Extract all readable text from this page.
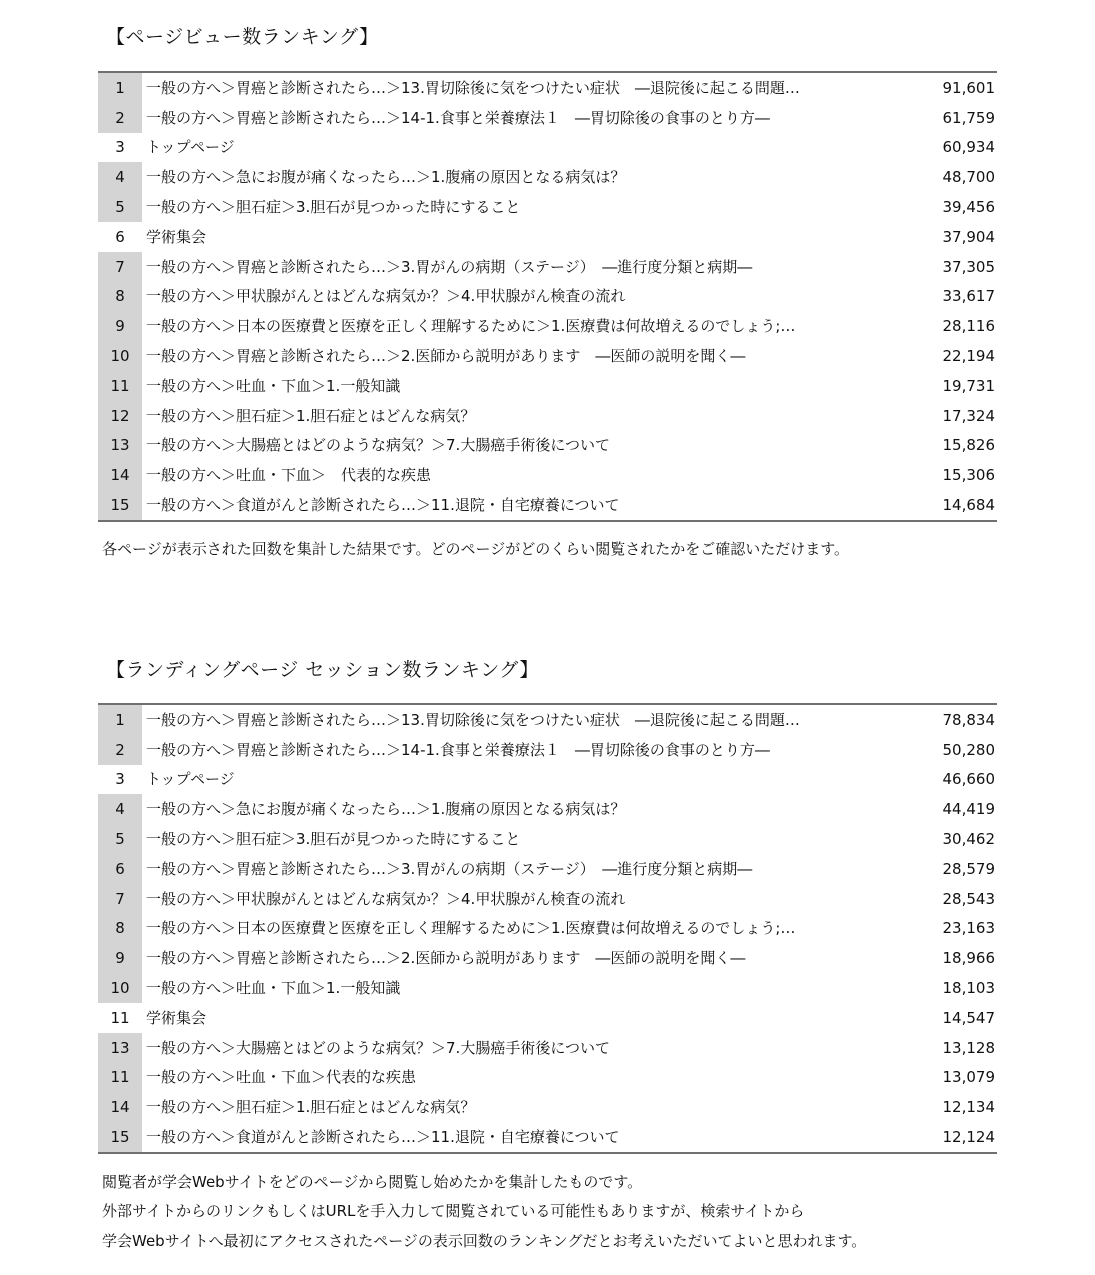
【ページビュー数ランキング】
1	一般の方へ＞胃癌と診断されたら…＞13.胃切除後に気をつけたい症状　―退院後に起こる問題…	91,601
2	一般の方へ＞胃癌と診断されたら…＞14-1.食事と栄養療法１　―胃切除後の食事のとり方―	61,759
3	トップページ	60,934
4	一般の方へ＞急にお腹が痛くなったら…＞1.腹痛の原因となる病気は？	48,700
5	一般の方へ＞胆石症＞3.胆石が見つかった時にすること	39,456
6	学術集会	37,904
7	一般の方へ＞胃癌と診断されたら…＞3.胃がんの病期（ステージ）　―進行度分類と病期―	37,305
8	一般の方へ＞甲状腺がんとはどんな病気か？＞4.甲状腺がん検査の流れ	33,617
9	一般の方へ＞日本の医療費と医療を正しく理解するために＞1.医療費は何故増えるのでしょう;…	28,116
10	一般の方へ＞胃癌と診断されたら…＞2.医師から説明があります　―医師の説明を聞く―	22,194
11	一般の方へ＞吐血・下血＞1.一般知識	19,731
12	一般の方へ＞胆石症＞1.胆石症とはどんな病気？	17,324
13	一般の方へ＞大腸癌とはどのような病気？＞7.大腸癌手術後について	15,826
14	一般の方へ＞吐血・下血＞　代表的な疾患	15,306
15	一般の方へ＞食道がんと診断されたら…＞11.退院・自宅療養について	14,684
各ページが表示された回数を集計した結果です。どのページがどのくらい閲覧されたかをご確認いただけます。
【ランディングページ セッション数ランキング】
1	一般の方へ＞胃癌と診断されたら…＞13.胃切除後に気をつけたい症状　―退院後に起こる問題…	78,834
2	一般の方へ＞胃癌と診断されたら…＞14-1.食事と栄養療法１　―胃切除後の食事のとり方―	50,280
3	トップページ	46,660
4	一般の方へ＞急にお腹が痛くなったら…＞1.腹痛の原因となる病気は？	44,419
5	一般の方へ＞胆石症＞3.胆石が見つかった時にすること	30,462
6	一般の方へ＞胃癌と診断されたら…＞3.胃がんの病期（ステージ）　―進行度分類と病期―	28,579
7	一般の方へ＞甲状腺がんとはどんな病気か？＞4.甲状腺がん検査の流れ	28,543
8	一般の方へ＞日本の医療費と医療を正しく理解するために＞1.医療費は何故増えるのでしょう;…	23,163
9	一般の方へ＞胃癌と診断されたら…＞2.医師から説明があります　―医師の説明を聞く―	18,966
10	一般の方へ＞吐血・下血＞1.一般知識	18,103
11	学術集会	14,547
13	一般の方へ＞大腸癌とはどのような病気？＞7.大腸癌手術後について	13,128
11	一般の方へ＞吐血・下血＞代表的な疾患	13,079
14	一般の方へ＞胆石症＞1.胆石症とはどんな病気？	12,134
15	一般の方へ＞食道がんと診断されたら…＞11.退院・自宅療養について	12,124
閲覧者が学会Webサイトをどのページから閲覧し始めたかを集計したものです。
外部サイトからのリンクもしくはURLを手入力して閲覧されている可能性もありますが、検索サイトから
学会Webサイトへ最初にアクセスされたページの表示回数のランキングだとお考えいただいてよいと思われます。
